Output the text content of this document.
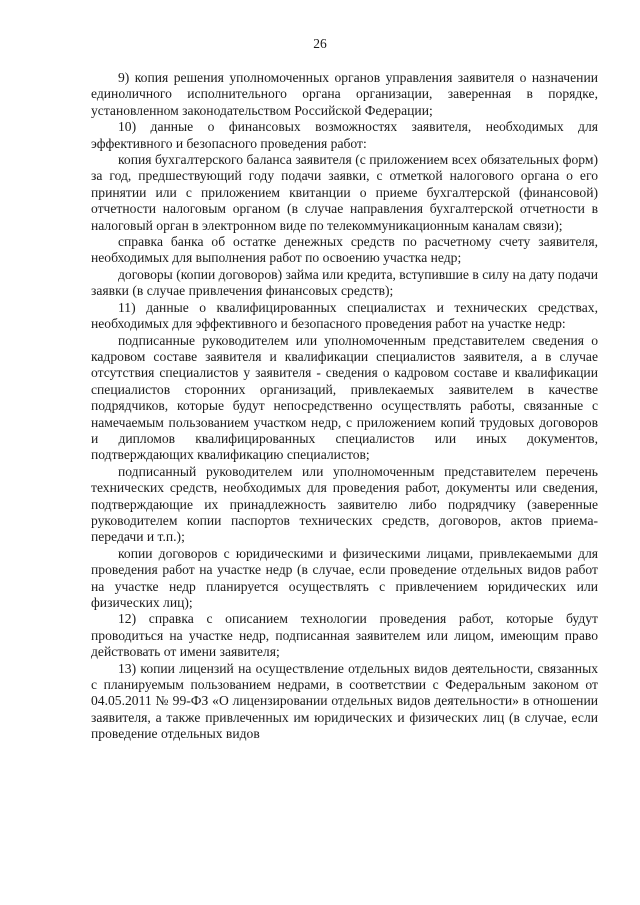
26

9) копия решения уполномоченных органов управления заявителя о назначении единоличного исполнительного органа организации, заверенная в порядке, установленном законодательством Российской Федерации;

10) данные о финансовых возможностях заявителя, необходимых для эффективного и безопасного проведения работ:

копия бухгалтерского баланса заявителя (с приложением всех обязательных форм) за год, предшествующий году подачи заявки, с отметкой налогового органа о его принятии или с приложением квитанции о приеме бухгалтерской (финансовой) отчетности налоговым органом (в случае направления бухгалтерской отчетности в налоговый орган в электронном виде по телекоммуникационным каналам связи);

справка банка об остатке денежных средств по расчетному счету заявителя, необходимых для выполнения работ по освоению участка недр;

договоры (копии договоров) займа или кредита, вступившие в силу на дату подачи заявки (в случае привлечения финансовых средств);

11) данные о квалифицированных специалистах и технических средствах, необходимых для эффективного и безопасного проведения работ на участке недр:

подписанные руководителем или уполномоченным представителем сведения о кадровом составе заявителя и квалификации специалистов заявителя, а в случае отсутствия специалистов у заявителя - сведения о кадровом составе и квалификации специалистов сторонних организаций, привлекаемых заявителем в качестве подрядчиков, которые будут непосредственно осуществлять работы, связанные с намечаемым пользованием участком недр, с приложением копий трудовых договоров и дипломов квалифицированных специалистов или иных документов, подтверждающих квалификацию специалистов;

подписанный руководителем или уполномоченным представителем перечень технических средств, необходимых для проведения работ, документы или сведения, подтверждающие их принадлежность заявителю либо подрядчику (заверенные руководителем копии паспортов технических средств, договоров, актов приема-передачи и т.п.);

копии договоров с юридическими и физическими лицами, привлекаемыми для проведения работ на участке недр (в случае, если проведение отдельных видов работ на участке недр планируется осуществлять с привлечением юридических или физических лиц);

12) справка с описанием технологии проведения работ, которые будут проводиться на участке недр, подписанная заявителем или лицом, имеющим право действовать от имени заявителя;

13) копии лицензий на осуществление отдельных видов деятельности, связанных с планируемым пользованием недрами, в соответствии с Федеральным законом от 04.05.2011 № 99-ФЗ «О лицензировании отдельных видов деятельности» в отношении заявителя, а также привлеченных им юридических и физических лиц (в случае, если проведение отдельных видов
